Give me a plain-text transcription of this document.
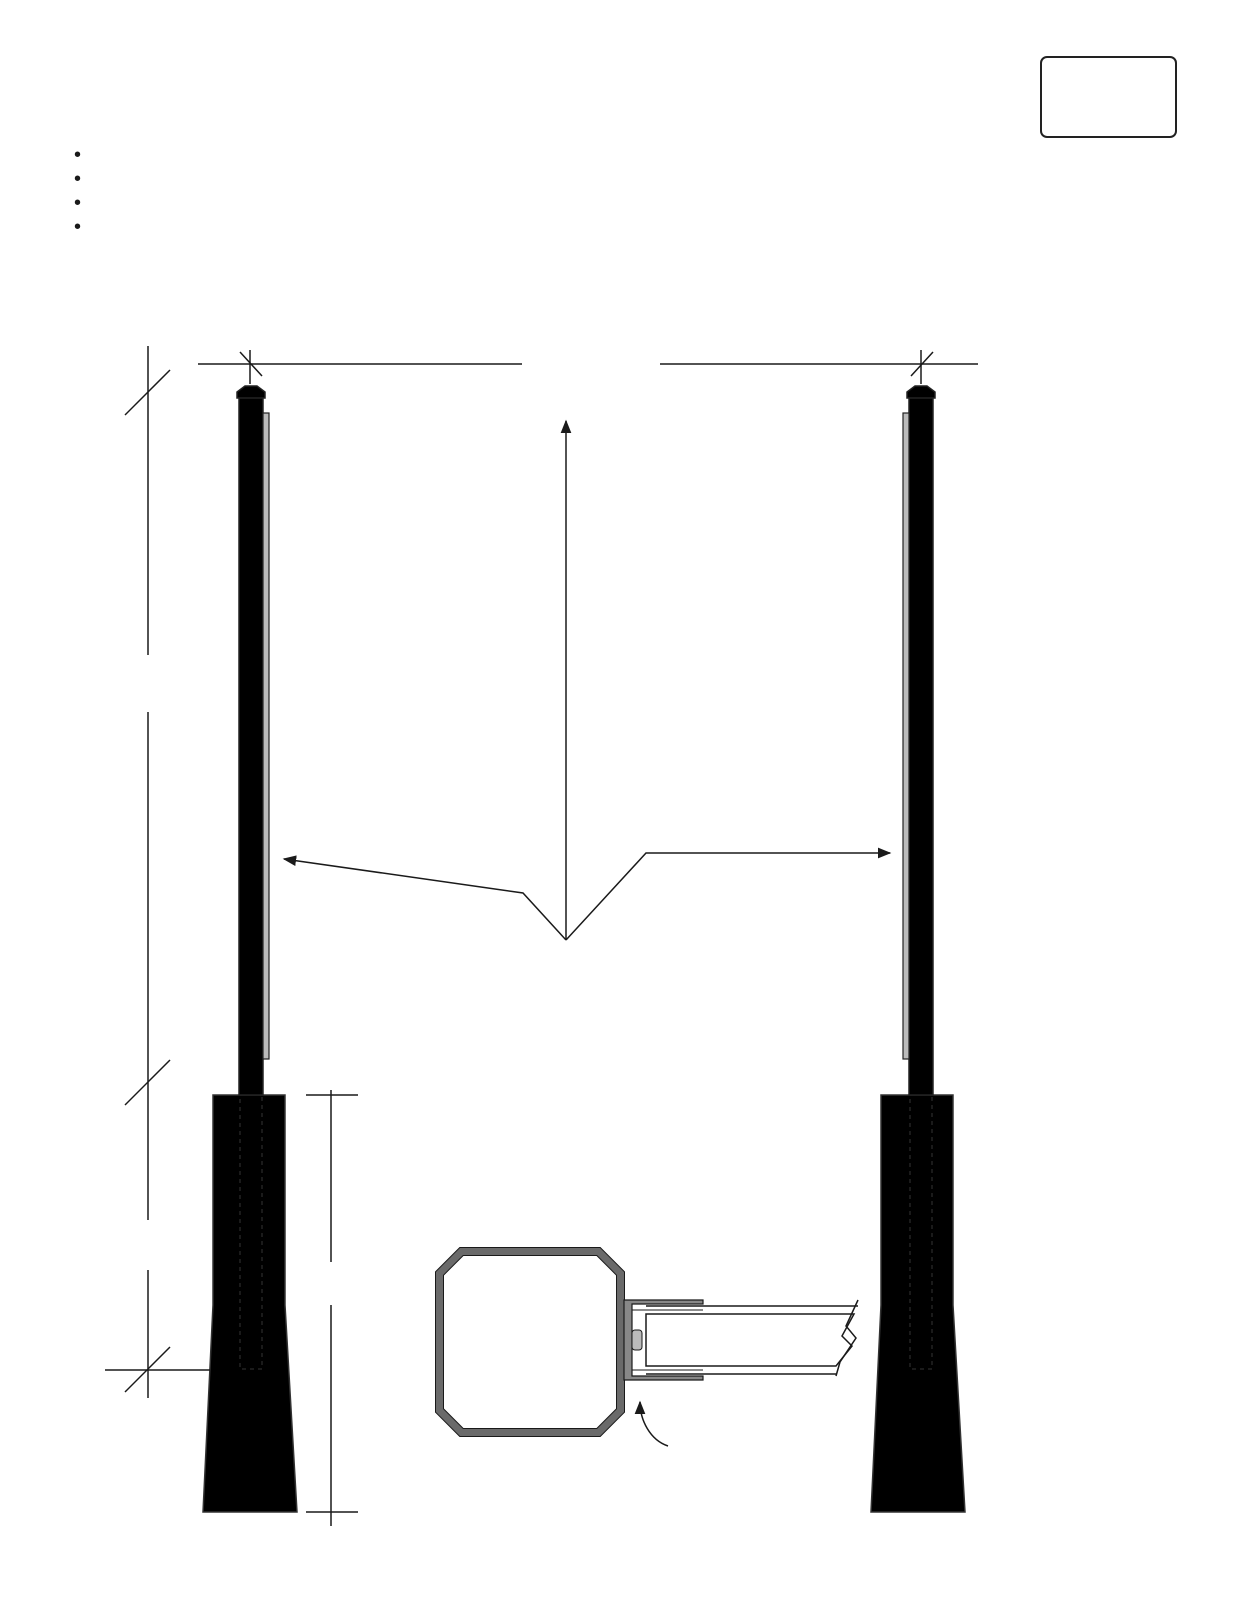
•
•
•
•
